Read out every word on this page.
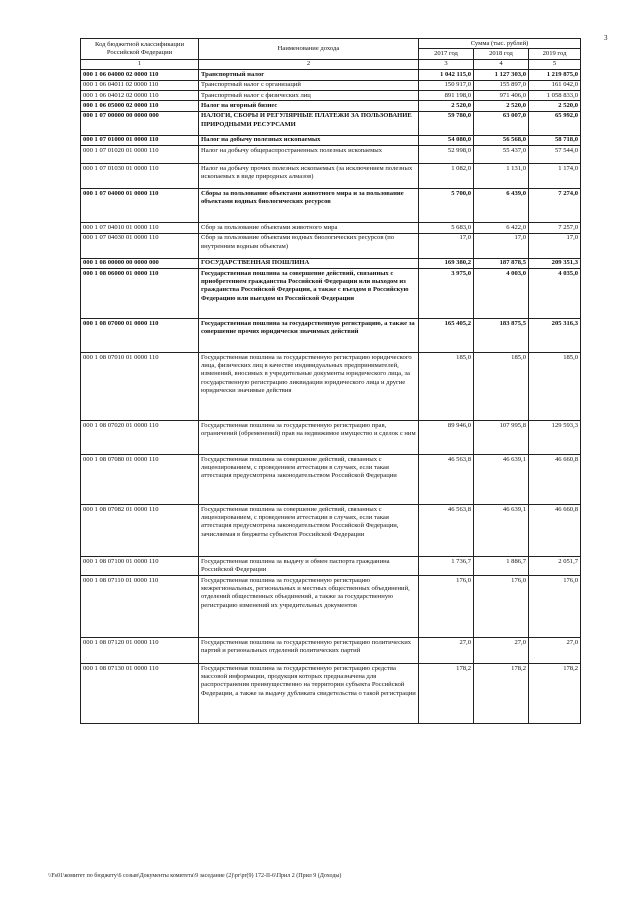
3
Код бюджетной классификации Российской Федерации	Наименование дохода	Сумма (тыс. рублей)		
		2017 год	2018 год	2019 год
1	2	3	4	5
000 1 06 04000 02 0000 110	Транспортный налог	1 042 115,0	1 127 303,0	1 219 875,0
000 1 06 04011 02 0000 110	Транспортный налог с организаций	150 917,0	155 897,0	161 042,0
000 1 06 04012 02 0000 110	Транспортный налог с физических лиц	891 198,0	971 406,0	1 058 833,0
000 1 06 05000 02 0000 110	Налог на игорный бизнес	2 520,0	2 520,0	2 520,0
000 1 07 00000 00 0000 000	НАЛОГИ, СБОРЫ И РЕГУЛЯРНЫЕ ПЛАТЕЖИ ЗА ПОЛЬЗОВАНИЕ ПРИРОДНЫМИ РЕСУРСАМИ	59 780,0	63 007,0	65 992,0
000 1 07 01000 01 0000 110	Налог на добычу полезных ископаемых	54 080,0	56 568,0	58 718,0
000 1 07 01020 01 0000 110	Налог на добычу общераспространенных полезных ископаемых	52 998,0	55 437,0	57 544,0
000 1 07 01030 01 0000 110	Налог на добычу прочих полезных ископаемых (за исключением полезных ископаемых в виде природных алмазов)	1 082,0	1 131,0	1 174,0
000 1 07 04000 01 0000 110	Сборы за пользование объектами животного мира и за пользование объектами водных биологических ресурсов	5 700,0	6 439,0	7 274,0
000 1 07 04010 01 0000 110	Сбор за пользование объектами животного мира	5 683,0	6 422,0	7 257,0
000 1 07 04030 01 0000 110	Сбор за пользование объектами водных биологических ресурсов (по внутренним водным объектам)	17,0	17,0	17,0
000 1 08 00000 00 0000 000	ГОСУДАРСТВЕННАЯ ПОШЛИНА	169 380,2	187 878,5	209 351,3
000 1 08 06000 01 0000 110	Государственная пошлина за совершение действий, связанных с приобретением гражданства Российской Федерации или выходом из гражданства Российской Федерации, а также с въездом в Российскую Федерацию или выездом из Российской Федерации	3 975,0	4 003,0	4 035,0
000 1 08 07000 01 0000 110	Государственная пошлина за государственную регистрацию, а также за совершение прочих юридически значимых действий	165 405,2	183 875,5	205 316,3
000 1 08 07010 01 0000 110	Государственная пошлина за государственную регистрацию юридического лица, физических лиц в качестве индивидуальных предпринимателей, изменений, вносимых в учредительные документы юридического лица, за государственную регистрацию ликвидации юридического лица и другие юридически значимые действия	185,0	185,0	185,0
000 1 08 07020 01 0000 110	Государственная пошлина за государственную регистрацию прав, ограничений (обременений) прав на недвижимое имущество и сделок с ним	89 946,0	107 995,8	129 593,3
000 1 08 07080 01 0000 110	Государственная пошлина за совершение действий, связанных с лицензированием, с проведением аттестации в случаях, если такая аттестация предусмотрена законодательством Российской Федерации	46 563,8	46 639,1	46 660,8
000 1 08 07082 01 0000 110	Государственная пошлина за совершение действий, связанных с лицензированием, с проведением аттестации в случаях, если такая аттестация предусмотрена законодательством Российской Федерации, зачисляемая в бюджеты субъектов Российской Федерации	46 563,8	46 639,1	46 660,8
000 1 08 07100 01 0000 110	Государственная пошлина за выдачу и обмен паспорта гражданина Российской Федерации	1 736,7	1 886,7	2 051,7
000 1 08 07110 01 0000 110	Государственная пошлина за государственную регистрацию межрегиональных, региональных и местных общественных объединений, отделений общественных объединений, а также за государственную регистрацию изменений их учредительных документов	176,0	176,0	176,0
000 1 08 07120 01 0000 110	Государственная пошлина за государственную регистрацию политических партий и региональных отделений политических партий	27,0	27,0	27,0
000 1 08 07130 01 0000 110	Государственная пошлина за государственную регистрацию средства массовой информации, продукция которых предназначена для распространения преимущественно на территории субъекта Российской Федерации, а также за выдачу дубликата свидетельства о такой регистрации	178,2	178,2	178,2
\\Fs01\комитет по бюджету\6 созыв\Документы комитета\9 заседание (2)\pr\pr(9) 172-II-6\Прил 2 (Прил 9 (Доходы)
